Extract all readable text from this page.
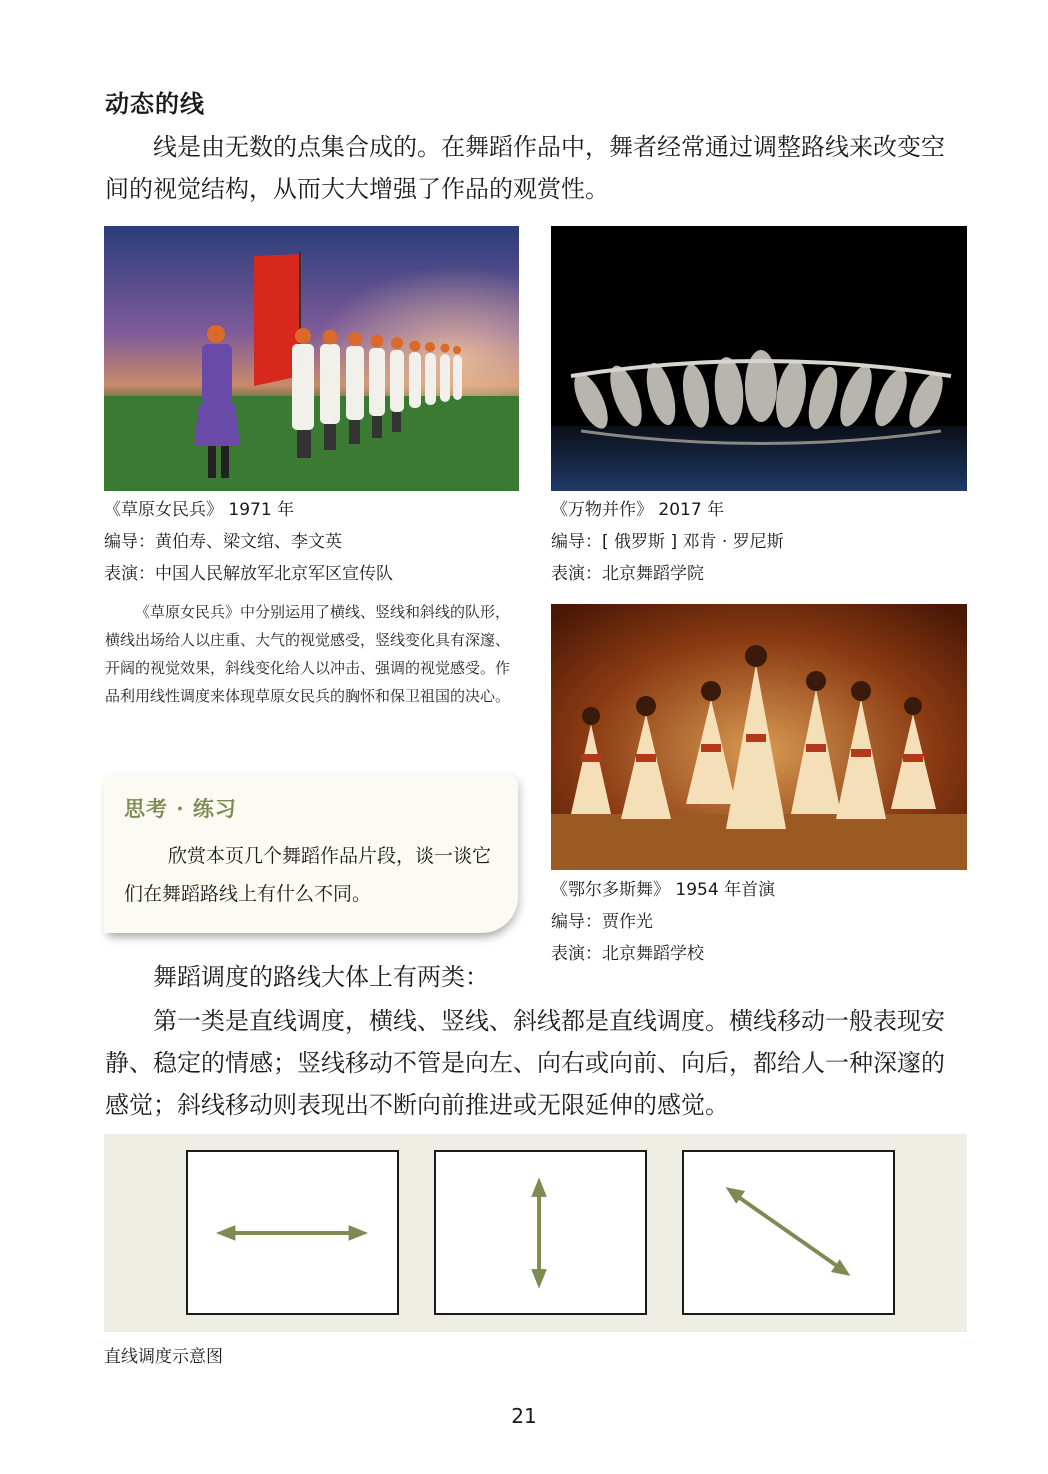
动态的线

线是由无数的点集合成的。在舞蹈作品中，舞者经常通过调整路线来改变空间的视觉结构，从而大大增强了作品的观赏性。

《草原女民兵》 1971 年
编导：黄伯寿、梁文绾、李文英
表演：中国人民解放军北京军区宣传队
《万物并作》 2017 年
编导：[ 俄罗斯 ] 邓肯 · 罗尼斯
表演：北京舞蹈学院

《草原女民兵》中分别运用了横线、竖线和斜线的队形，横线出场给人以庄重、大气的视觉感受，竖线变化具有深邃、开阔的视觉效果，斜线变化给人以冲击、强调的视觉感受。作品利用线性调度来体现草原女民兵的胸怀和保卫祖国的决心。

思考 · 练习

欣赏本页几个舞蹈作品片段，谈一谈它们在舞蹈路线上有什么不同。	《鄂尔多斯舞》 1954 年首演
编导：贾作光
表演：北京舞蹈学校

舞蹈调度的路线大体上有两类：

第一类是直线调度，横线、竖线、斜线都是直线调度。横线移动一般表现安静、稳定的情感；竖线移动不管是向左、向右或向前、向后，都给人一种深邃的感觉；斜线移动则表现出不断向前推进或无限延伸的感觉。

直线调度示意图
21
